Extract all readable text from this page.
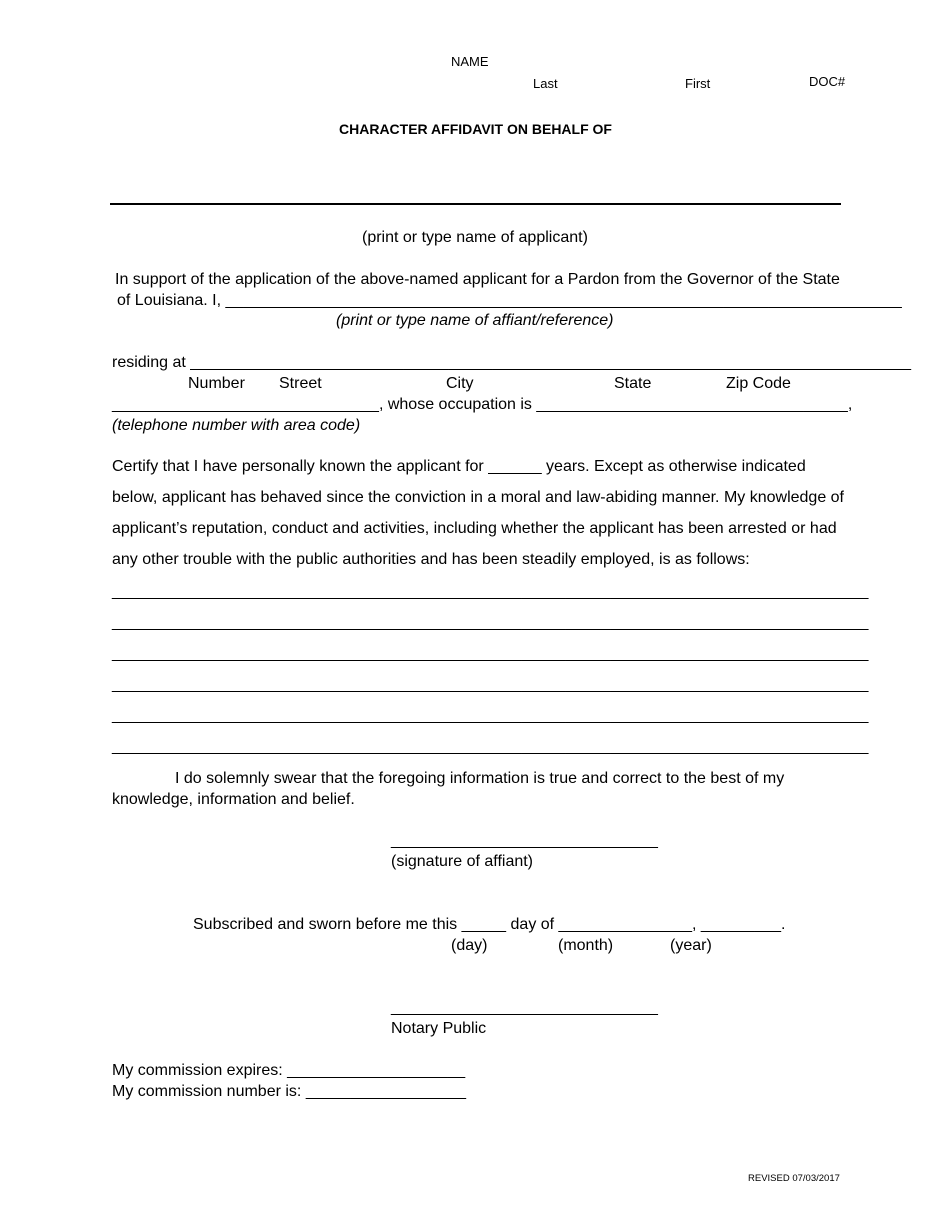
NAME
Last	First	DOC#
CHARACTER AFFIDAVIT ON BEHALF OF
(print or type name of applicant)
In support of the application of the above-named applicant for a Pardon from the Governor of the State
of Louisiana. I, ____________________________________________________________________________
(print or type name of affiant/reference)
residing at _________________________________________________________________________________
Number Street	City	State	Zip Code
______________________________, whose occupation is ___________________________________,
(telephone number with area code)
Certify that I have personally known the applicant for ______ years. Except as otherwise indicated
below, applicant has behaved since the conviction in a moral and law-abiding manner. My knowledge of
applicant’s reputation, conduct and activities, including whether the applicant has been arrested or had
any other trouble with the public authorities and has been steadily employed, is as follows:
_____________________________________________________________________________________
_____________________________________________________________________________________
_____________________________________________________________________________________
_____________________________________________________________________________________
_____________________________________________________________________________________
_____________________________________________________________________________________
I do solemnly swear that the foregoing information is true and correct to the best of my
knowledge, information and belief.
______________________________
(signature of affiant)
Subscribed and sworn before me this _____ day of _______________, _________.
(day)	(month)	(year)
______________________________
Notary Public
My commission expires: ____________________
My commission number is: __________________
REVISED 07/03/2017
